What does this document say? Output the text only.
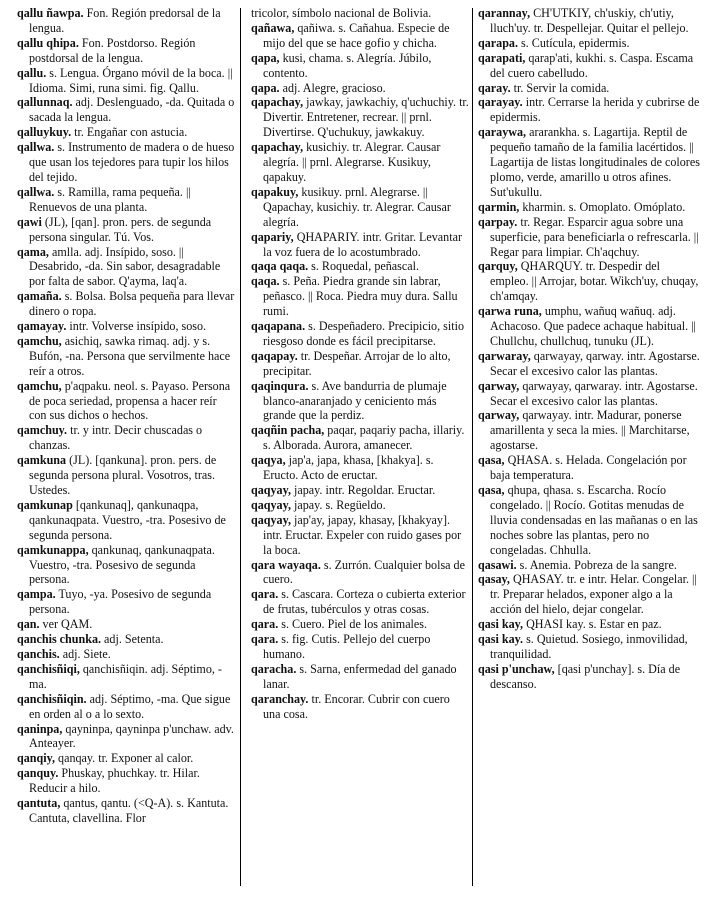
qallu ñawpa. Fon. Región predorsal de la lengua.

qallu qhipa. Fon. Postdorso. Región postdorsal de la lengua.

qallu. s. Lengua. Órgano móvil de la boca. || Idioma. Simi, runa simi. fig. Qallu.

qallunnaq. adj. Deslenguado, -da. Quitada o sacada la lengua.

qalluykuy. tr. Engañar con astucia.

qallwa. s. Instrumento de madera o de hueso que usan los tejedores para tupir los hilos del tejido.

qallwa. s. Ramilla, rama pequeña. || Renuevos de una planta.

qawi (JL), [qan]. pron. pers. de segunda persona singular. Tú. Vos.

qama, amlla. adj. Insípido, soso. || Desabrido, -da. Sin sabor, desagradable por falta de sabor. Q'ayma, laq'a.

qamaña. s. Bolsa. Bolsa pequeña para llevar dinero o ropa.

qamayay. intr. Volverse insípido, soso.

qamchu, asichiq, sawka rimaq. adj. y s. Bufón, -na. Persona que servilmente hace reír a otros.

qamchu, p'aqpaku. neol. s. Payaso. Persona de poca seriedad, propensa a hacer reír con sus dichos o hechos.

qamchuy. tr. y intr. Decir chuscadas o chanzas.

qamkuna (JL). [qankuna]. pron. pers. de segunda persona plural. Vosotros, tras. Ustedes.

qamkunap [qankunaq], qankunaqpa, qankunaqpata. Vuestro, -tra. Posesivo de segunda persona.

qamkunappa, qankunaq, qankunaqpata. Vuestro, -tra. Posesivo de segunda persona.

qampa. Tuyo, -ya. Posesivo de segunda persona.

qan. ver QAM.

qanchis chunka. adj. Setenta.

qanchis. adj. Siete.

qanchisñiqi, qanchisñiqin. adj. Séptimo, -ma.

qanchisñiqin. adj. Séptimo, -ma. Que sigue en orden al o a lo sexto.

qaninpa, qayninpa, qayninpa p'unchaw. adv. Anteayer.

qanqiy, qanqay. tr. Exponer al calor.

qanquy. Phuskay, phuchkay. tr. Hilar. Reducir a hilo.

qantuta, qantus, qantu. (<Q-A). s. Kantuta. Cantuta, clavellina. Flor

tricolor, símbolo nacional de Bolivia.

qañawa, qañiwa. s. Cañahua. Especie de mijo del que se hace gofio y chicha.

qapa, kusi, chama. s. Alegría. Júbilo, contento.

qapa. adj. Alegre, gracioso.

qapachay, jawkay, jawkachiy, q'uchuchiy. tr. Divertir. Entretener, recrear. || prnl. Divertirse. Q'uchukuy, jawkakuy.

qapachay, kusichiy. tr. Alegrar. Causar alegría. || prnl. Alegrarse. Kusikuy, qapakuy.

qapakuy, kusikuy. prnl. Alegrarse. || Qapachay, kusichiy. tr. Alegrar. Causar alegría.

qapariy, QHAPARIY. intr. Gritar. Levantar la voz fuera de lo acostumbrado.

qaqa qaqa. s. Roquedal, peñascal.

qaqa. s. Peña. Piedra grande sin labrar, peñasco. || Roca. Piedra muy dura. Sallu rumi.

qaqapana. s. Despeñadero. Precipicio, sitio riesgoso donde es fácil precipitarse.

qaqapay. tr. Despeñar. Arrojar de lo alto, precipitar.

qaqinqura. s. Ave bandurria de plumaje blanco-anaranjado y ceniciento más grande que la perdiz.

qaqñin pacha, paqar, paqariy pacha, illariy. s. Alborada. Aurora, amanecer.

qaqya, jap'a, japa, khasa, [khakya]. s. Eructo. Acto de eructar.

qaqyay, japay. intr. Regoldar. Eructar.

qaqyay, japay. s. Regüeldo.

qaqyay, jap'ay, japay, khasay, [khakyay]. intr. Eructar. Expeler con ruido gases por la boca.

qara wayaqa. s. Zurrón. Cualquier bolsa de cuero.

qara. s. Cascara. Corteza o cubierta exterior de frutas, tubérculos y otras cosas.

qara. s. Cuero. Piel de los animales.

qara. s. fig. Cutis. Pellejo del cuerpo humano.

qaracha. s. Sarna, enfermedad del ganado lanar.

qaranchay. tr. Encorar. Cubrir con cuero una cosa.

qarannay, CH'UTKIY, ch'uskiy, ch'utiy, lluch'uy. tr. Despellejar. Quitar el pellejo.

qarapa. s. Cutícula, epidermis.

qarapati, qarap'ati, kukhi. s. Caspa. Escama del cuero cabelludo.

qaray. tr. Servir la comida.

qarayay. intr. Cerrarse la herida y cubrirse de epidermis.

qaraywa, ararankha. s. Lagartija. Reptil de pequeño tamaño de la familia lacértidos. || Lagartija de listas longitudinales de colores plomo, verde, amarillo u otros afines. Sut'ukullu.

qarmin, kharmin. s. Omoplato. Omóplato.

qarpay. tr. Regar. Esparcir agua sobre una superficie, para beneficiarla o refrescarla. || Regar para limpiar. Ch'aqchuy.

qarquy, QHARQUY. tr. Despedir del empleo. || Arrojar, botar. Wikch'uy, chuqay, ch'amqay.

qarwa runa, umphu, wañuq wañuq. adj. Achacoso. Que padece achaque habitual. || Chullchu, chullchuq, tunuku (JL).

qarwaray, qarwayay, qarway. intr. Agostarse. Secar el excesivo calor las plantas.

qarway, qarwayay, qarwaray. intr. Agostarse. Secar el excesivo calor las plantas.

qarway, qarwayay. intr. Madurar, ponerse amarillenta y seca la mies. || Marchitarse, agostarse.

qasa, QHASA. s. Helada. Congelación por baja temperatura.

qasa, qhupa, qhasa. s. Escarcha. Rocío congelado. || Rocío. Gotitas menudas de lluvia condensadas en las mañanas o en las noches sobre las plantas, pero no congeladas. Chhulla.

qasawi. s. Anemia. Pobreza de la sangre.

qasay, QHASAY. tr. e intr. Helar. Congelar. || tr. Preparar helados, exponer algo a la acción del hielo, dejar congelar.

qasi kay, QHASI kay. s. Estar en paz.

qasi kay. s. Quietud. Sosiego, inmovilidad, tranquilidad.

qasi p'unchaw, [qasi p'unchay]. s. Día de descanso.
